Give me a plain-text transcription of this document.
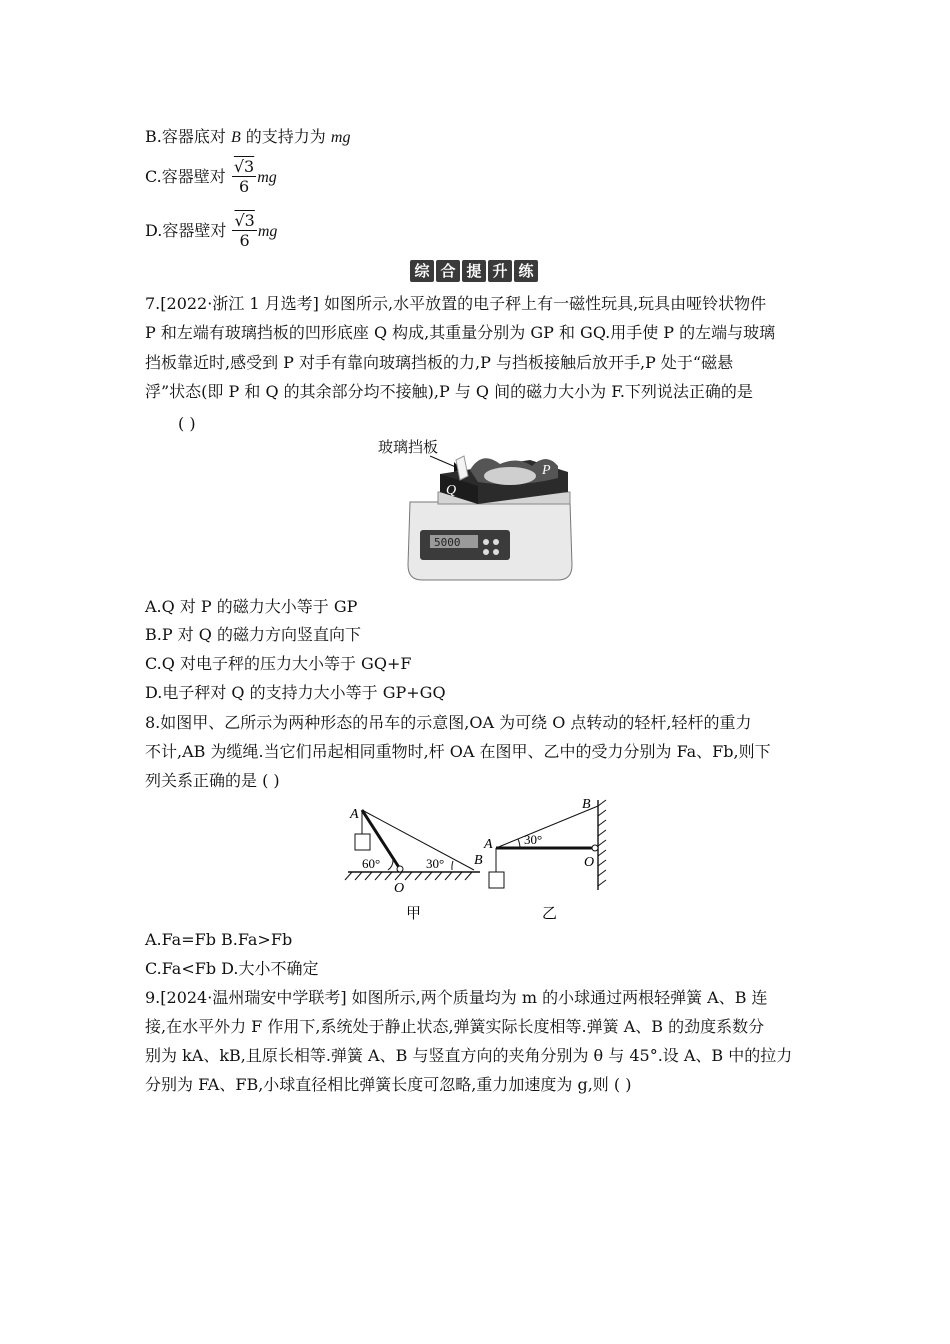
B.容器底对 B 的支持力为 mg
C.容器壁对 $\frac{√3}{6}$ mg
D.容器壁对 $\frac{√3}{6}$ mg
综 合 提 升 练
7.[2022·浙江 1 月选考] 如图所示,水平放置的电子秤上有一磁性玩具,玩具由哑铃状物件
P 和左端有玻璃挡板的凹形底座 Q 构成,其重量分别为 GP 和 GQ.用手使 P 的左端与玻璃
挡板靠近时,感受到 P 对手有靠向玻璃挡板的力,P 与挡板接触后放开手,P 处于“磁悬
浮”状态(即 P 和 Q 的其余部分均不接触),P 与 Q 间的磁力大小为 F.下列说法正确的是
( )
玻璃挡板
5000
Q
P
A.Q 对 P 的磁力大小等于 GP
B.P 对 Q 的磁力方向竖直向下
C.Q 对电子秤的压力大小等于 GQ+F
D.电子秤对 Q 的支持力大小等于 GP+GQ
8.如图甲、乙所示为两种形态的吊车的示意图,OA 为可绕 O 点转动的轻杆,轻杆的重力
不计,AB 为缆绳.当它们吊起相同重物时,杆 OA 在图甲、乙中的受力分别为 Fa、Fb,则下
列关系正确的是 ( )
A
60°	30° B
O
甲
A 30°
B
O
乙
A.Fa=Fb B.Fa>Fb
C.Fa<Fb D.大小不确定
9.[2024·温州瑞安中学联考] 如图所示,两个质量均为 m 的小球通过两根轻弹簧 A、B 连
接,在水平外力 F 作用下,系统处于静止状态,弹簧实际长度相等.弹簧 A、B 的劲度系数分
别为 kA、kB,且原长相等.弹簧 A、B 与竖直方向的夹角分别为 θ 与 45°.设 A、B 中的拉力
分别为 FA、FB,小球直径相比弹簧长度可忽略,重力加速度为 g,则 ( )
